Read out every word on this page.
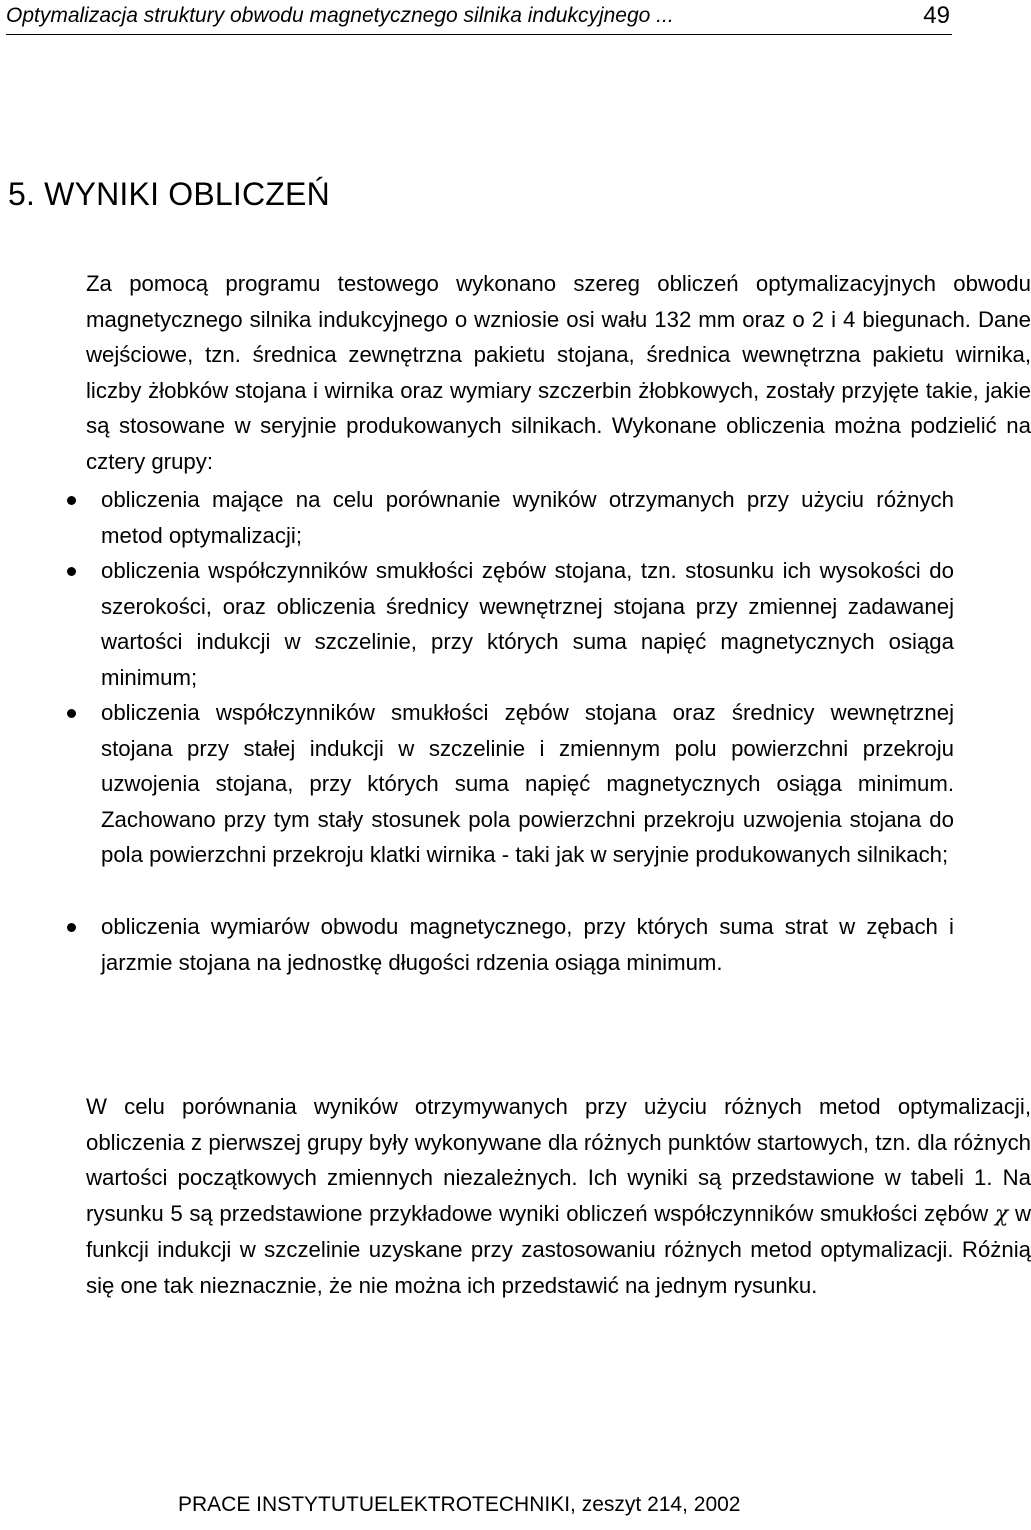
Optymalizacja struktury obwodu magnetycznego silnika indukcyjnego ...	49
5. WYNIKI OBLICZEŃ

Za pomocą programu testowego wykonano szereg obliczeń optymalizacyjnych obwodu magnetycznego silnika indukcyjnego o wzniosie osi wału 132 mm oraz o 2 i 4 biegunach. Dane wejściowe, tzn. średnica zewnętrzna pakietu stojana, średnica wewnętrzna pakietu wirnika, liczby żłobków stojana i wirnika oraz wymiary szczerbin żłobkowych, zostały przyjęte takie, jakie są stosowane w seryjnie produkowanych silnikach. Wykonane obliczenia można podzielić na cztery grupy:

obliczenia mające na celu porównanie wyników otrzymanych przy użyciu różnych metod optymalizacji;
obliczenia współczynników smukłości zębów stojana, tzn. stosunku ich wysokości do szerokości, oraz obliczenia średnicy wewnętrznej stojana przy zmiennej zadawanej wartości indukcji w szczelinie, przy których suma napięć magnetycznych osiąga minimum;
obliczenia współczynników smukłości zębów stojana oraz średnicy wewnętrznej stojana przy stałej indukcji w szczelinie i zmiennym polu powierzchni przekroju uzwojenia stojana, przy których suma napięć magnetycznych osiąga minimum. Zachowano przy tym stały stosunek pola powierzchni przekroju uzwojenia stojana do pola powierzchni przekroju klatki wirnika - taki jak w seryjnie produkowanych silnikach;
obliczenia wymiarów obwodu magnetycznego, przy których suma strat w zębach i jarzmie stojana na jednostkę długości rdzenia osiąga minimum.

W celu porównania wyników otrzymywanych przy użyciu różnych metod optymalizacji, obliczenia z pierwszej grupy były wykonywane dla różnych punktów startowych, tzn. dla różnych wartości początkowych zmiennych niezależnych. Ich wyniki są przedstawione w tabeli 1. Na rysunku 5 są przedstawione przykładowe wyniki obliczeń współczynników smukłości zębów χ w funkcji indukcji w szczelinie uzyskane przy zastosowaniu różnych metod optymalizacji. Różnią się one tak nieznacznie, że nie można ich przedstawić na jednym rysunku.

PRACE INSTYTUTUELEKTROTECHNIKI, zeszyt 214, 2002
